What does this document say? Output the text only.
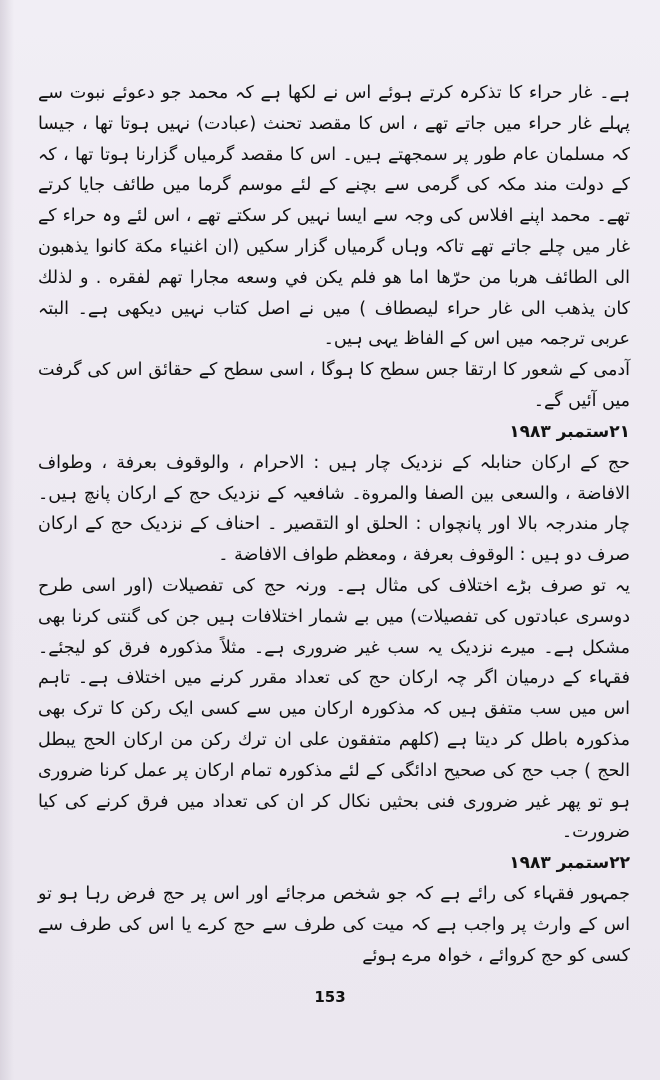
ہے۔ غار حراء کا تذکرہ کرتے ہوئے اس نے لکھا ہے کہ محمد جو دعوئے نبوت سے پہلے غار حراء میں جاتے تھے ، اس کا مقصد تحنث (عبادت) نہیں ہوتا تھا ، جیسا کہ مسلمان عام طور پر سمجھتے ہیں۔ اس کا مقصد گرمیاں گزارنا ہوتا تھا ، کہ کے دولت مند مکہ کی گرمی سے بچنے کے لئے موسم گرما میں طائف جایا کرتے تھے۔ محمد اپنے افلاس کی وجہ سے ایسا نہیں کر سکتے تھے ، اس لئے وہ حراء کے غار میں چلے جاتے تھے تاکہ وہاں گرمیاں گزار سکیں (ان اغنیاء مكة كانوا يذهبون الى الطائف هربا من حرّها اما هو فلم يكن في وسعه مجارا تهم لفقره . و لذلك كان يذهب الى غار حراء ليصطاف ) میں نے اصل کتاب نہیں دیکھی ہے۔ البتہ عربی ترجمہ میں اس کے الفاظ یہی ہیں۔

آدمی کے شعور کا ارتقا جس سطح کا ہوگا ، اسی سطح کے حقائق اس کی گرفت میں آئیں گے۔

۲۱ستمبر ۱۹۸۳

حج کے ارکان حنابلہ کے نزدیک چار ہیں : الاحرام ، والوقوف بعرفة ، وطواف الافاضة ، والسعی بین الصفا والمروة۔ شافعیہ کے نزدیک حج کے ارکان پانچ ہیں۔ چار مندرجہ بالا اور پانچواں : الحلق او التقصیر ۔ احناف کے نزدیک حج کے ارکان صرف دو ہیں : الوقوف بعرفة ، ومعظم طواف الافاضة ۔

یہ تو صرف بڑے اختلاف کی مثال ہے۔ ورنہ حج کی تفصیلات (اور اسی طرح دوسری عبادتوں کی تفصیلات) میں بے شمار اختلافات ہیں جن کی گنتی کرنا بھی مشکل ہے۔ میرے نزدیک یہ سب غیر ضروری ہے۔ مثلاً مذکورہ فرق کو لیجئے۔ فقہاء کے درمیان اگر چہ ارکان حج کی تعداد مقرر کرنے میں اختلاف ہے۔ تاہم اس میں سب متفق ہیں کہ مذکورہ ارکان میں سے کسی ایک رکن کا ترک بھی مذکورہ باطل کر دیتا ہے (كلهم متفقون على ان ترك ركن من اركان الحج يبطل الحج ) جب حج کی صحیح ادائگی کے لئے مذکورہ تمام ارکان پر عمل کرنا ضروری ہو تو پھر غیر ضروری فنی بحثیں نکال کر ان کی تعداد میں فرق کرنے کی کیا ضرورت۔

۲۲ستمبر ۱۹۸۳

جمہور فقہاء کی رائے ہے کہ جو شخص مرجائے اور اس پر حج فرض رہا ہو تو اس کے وارث پر واجب ہے کہ میت کی طرف سے حج کرے یا اس کی طرف سے کسی کو حج کروائے ، خواہ مرے ہوئے

153
